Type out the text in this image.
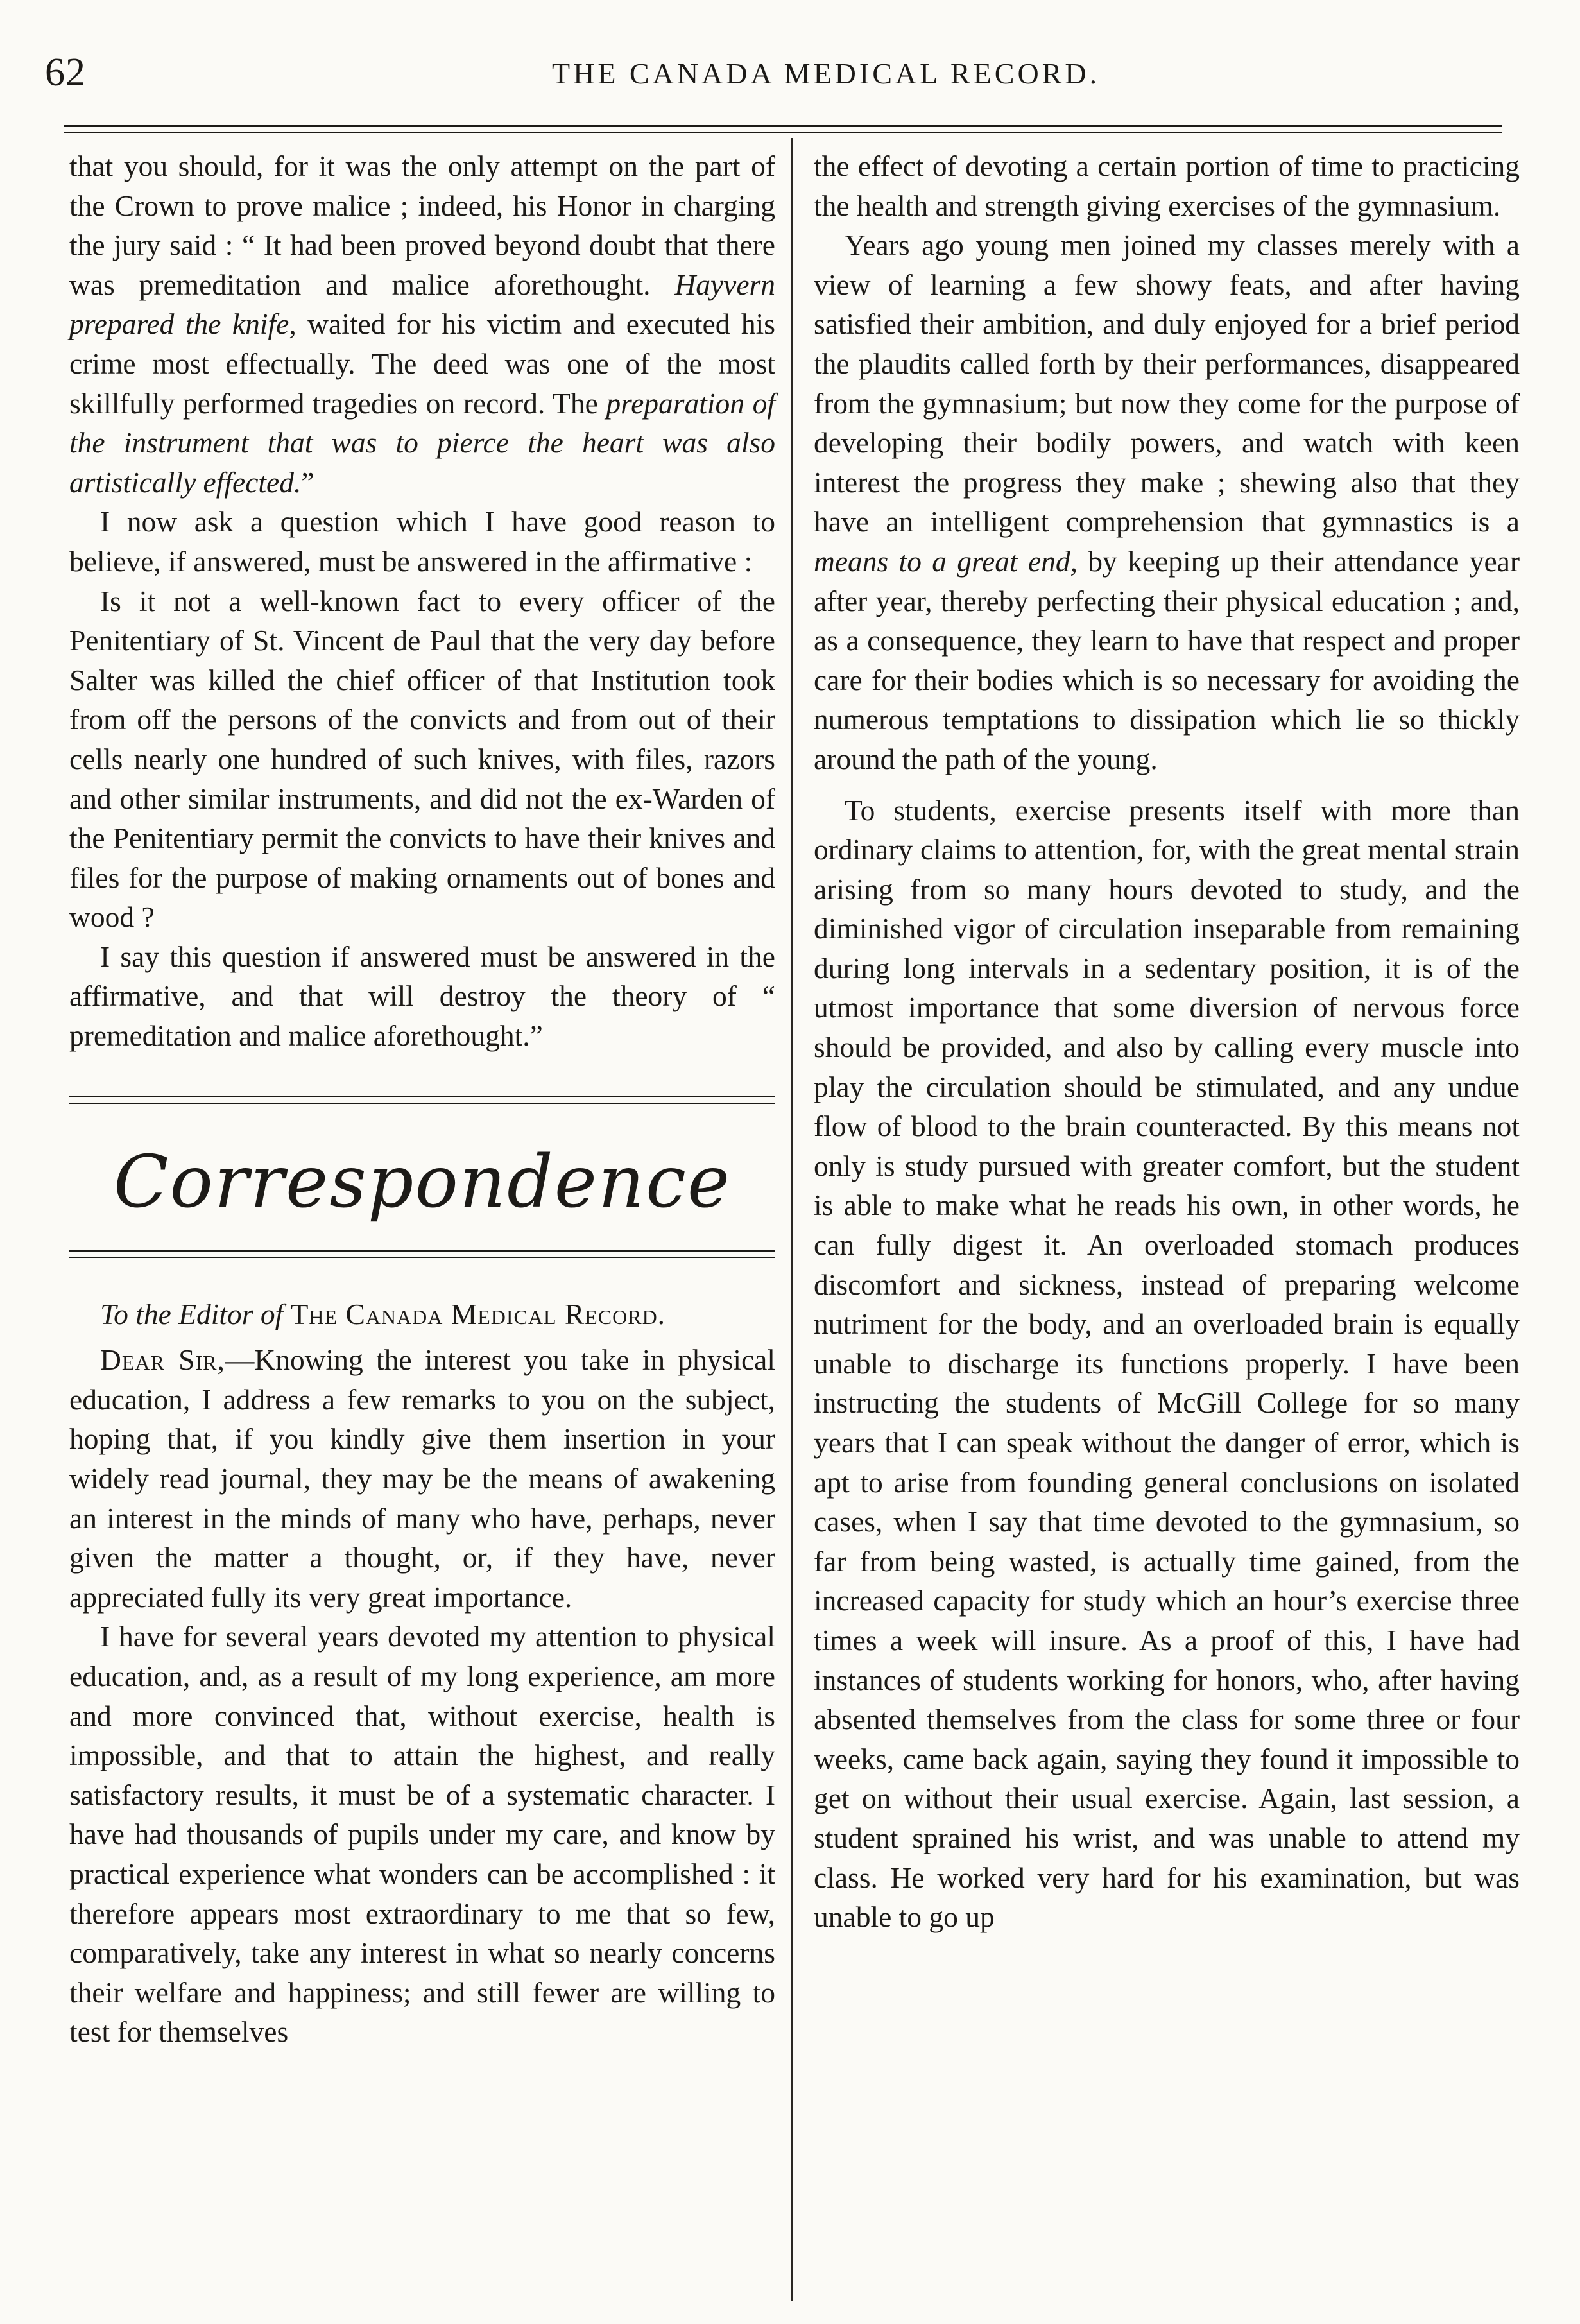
62	THE CANADA MEDICAL RECORD.

that you should, for it was the only attempt on the part of the Crown to prove malice ; indeed, his Honor in charging the jury said : “ It had been proved beyond doubt that there was premeditation and malice aforethought. Hayvern prepared the knife, waited for his victim and executed his crime most effectually. The deed was one of the most skillfully performed tragedies on record. The preparation of the instrument that was to pierce the heart was also artistically effected.”

I now ask a question which I have good reason to believe, if answered, must be answered in the affirmative :

Is it not a well-known fact to every officer of the Penitentiary of St. Vincent de Paul that the very day before Salter was killed the chief officer of that Institution took from off the persons of the convicts and from out of their cells nearly one hundred of such knives, with files, razors and other similar instruments, and did not the ex-Warden of the Penitentiary permit the convicts to have their knives and files for the purpose of making ornaments out of bones and wood ?

I say this question if answered must be answered in the affirmative, and that will destroy the theory of “ premeditation and malice aforethought.”

Correspondence

To the Editor of The Canada Medical Record.

Dear Sir,—Knowing the interest you take in physical education, I address a few remarks to you on the subject, hoping that, if you kindly give them insertion in your widely read journal, they may be the means of awakening an interest in the minds of many who have, perhaps, never given the matter a thought, or, if they have, never appreciated fully its very great importance.

I have for several years devoted my attention to physical education, and, as a result of my long experience, am more and more convinced that, without exercise, health is impossible, and that to attain the highest, and really satisfactory results, it must be of a systematic character. I have had thousands of pupils under my care, and know by practical experience what wonders can be accomplished : it therefore appears most extraordinary to me that so few, comparatively, take any interest in what so nearly concerns their welfare and happiness; and still fewer are willing to test for themselves

the effect of devoting a certain portion of time to practicing the health and strength giving exercises of the gymnasium.

Years ago young men joined my classes merely with a view of learning a few showy feats, and after having satisfied their ambition, and duly enjoyed for a brief period the plaudits called forth by their performances, disappeared from the gymnasium; but now they come for the purpose of developing their bodily powers, and watch with keen interest the progress they make ; shewing also that they have an intelligent comprehension that gymnastics is a means to a great end, by keeping up their attendance year after year, thereby perfecting their physical education ; and, as a consequence, they learn to have that respect and proper care for their bodies which is so necessary for avoiding the numerous temptations to dissipation which lie so thickly around the path of the young.

To students, exercise presents itself with more than ordinary claims to attention, for, with the great mental strain arising from so many hours devoted to study, and the diminished vigor of circulation inseparable from remaining during long intervals in a sedentary position, it is of the utmost importance that some diversion of nervous force should be provided, and also by calling every muscle into play the circulation should be stimulated, and any undue flow of blood to the brain counteracted. By this means not only is study pursued with greater comfort, but the student is able to make what he reads his own, in other words, he can fully digest it. An overloaded stomach produces discomfort and sickness, instead of preparing welcome nutriment for the body, and an overloaded brain is equally unable to discharge its functions properly. I have been instructing the students of McGill College for so many years that I can speak without the danger of error, which is apt to arise from founding general conclusions on isolated cases, when I say that time devoted to the gymnasium, so far from being wasted, is actually time gained, from the increased capacity for study which an hour’s exercise three times a week will insure. As a proof of this, I have had instances of students working for honors, who, after having absented themselves from the class for some three or four weeks, came back again, saying they found it impossible to get on without their usual exercise. Again, last session, a student sprained his wrist, and was unable to attend my class. He worked very hard for his examination, but was unable to go up
